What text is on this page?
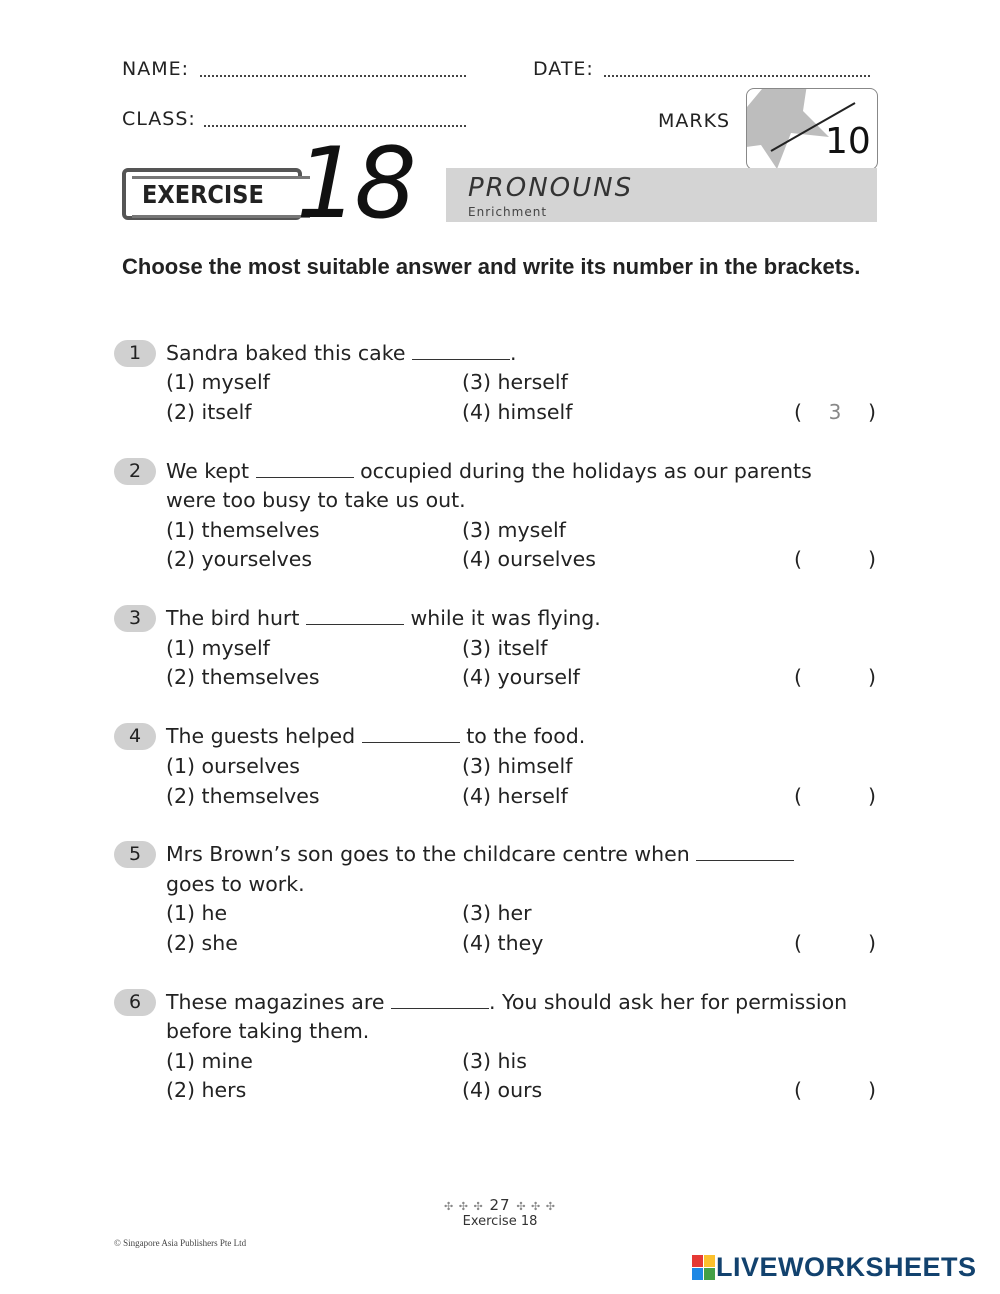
NAME:	DATE:
CLASS:	MARKS	10
EXERCISE 18 PRONOUNS
Enrichment
Choose the most suitable answer and write its number in the brackets.
1	Sandra baked this cake	.
(1) myself	(3) herself
(2) itself	(4) himself	( 3 )
2	We kept	occupied during the holidays as our parents
were too busy to take us out.
(1) themselves	(3) myself
(2) yourselves	(4) ourselves	(	)
3	The bird hurt	while it was flying.
(1) myself	(3) itself
(2) themselves	(4) yourself	(	)
4	The guests helped	to the food.
(1) ourselves	(3) himself
(2) themselves	(4) herself	(	)
5	Mrs Brown’s son goes to the childcare centre when
goes to work.
(1) he	(3) her
(2) she	(4) they	(	)
6	These magazines are	. You should ask her for permission
before taking them.
(1) mine	(3) his
(2) hers	(4) ours	(	)
✣ ✣ ✣ 27 ✣ ✣ ✣
Exercise 18
© Singapore Asia Publishers Pte Ltd
LIVEWORKSHEETS
